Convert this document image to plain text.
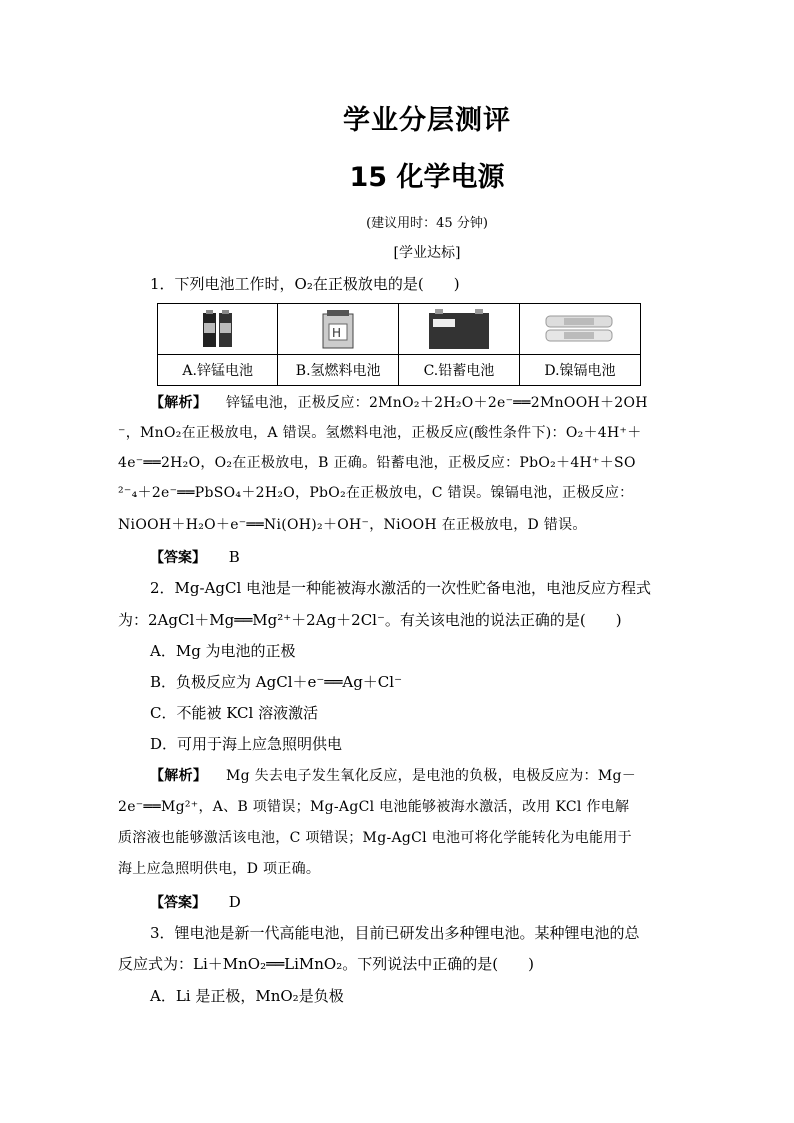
学业分层测评
15 化学电源
(建议用时：45 分钟)
[学业达标]
1．下列电池工作时，O₂在正极放电的是(　　)

H

A.锌锰电池	B.氢燃料电池	C.铅蓄电池	D.镍镉电池
【解析】 锌锰电池，正极反应：2MnO₂＋2H₂O＋2e⁻══2MnOOH＋2OH
⁻，MnO₂在正极放电，A 错误。氢燃料电池，正极反应(酸性条件下)：O₂＋4H⁺＋
4e⁻══2H₂O，O₂在正极放电，B 正确。铅蓄电池，正极反应：PbO₂＋4H⁺＋SO
²⁻₄＋2e⁻══PbSO₄＋2H₂O，PbO₂在正极放电，C 错误。镍镉电池，正极反应：
NiOOH＋H₂O＋e⁻══Ni(OH)₂＋OH⁻，NiOOH 在正极放电，D 错误。
【答案】 B
2．Mg-AgCl 电池是一种能被海水激活的一次性贮备电池，电池反应方程式
为：2AgCl＋Mg══Mg²⁺＋2Ag＋2Cl⁻。有关该电池的说法正确的是(　　)
A．Mg 为电池的正极
B．负极反应为 AgCl＋e⁻══Ag＋Cl⁻
C．不能被 KCl 溶液激活
D．可用于海上应急照明供电
【解析】 Mg 失去电子发生氧化反应，是电池的负极，电极反应为：Mg－
2e⁻══Mg²⁺，A、B 项错误；Mg-AgCl 电池能够被海水激活，改用 KCl 作电解
质溶液也能够激活该电池，C 项错误；Mg-AgCl 电池可将化学能转化为电能用于
海上应急照明供电，D 项正确。
【答案】 D
3．锂电池是新一代高能电池，目前已研发出多种锂电池。某种锂电池的总
反应式为：Li＋MnO₂══LiMnO₂。下列说法中正确的是(　　)
A．Li 是正极，MnO₂是负极
